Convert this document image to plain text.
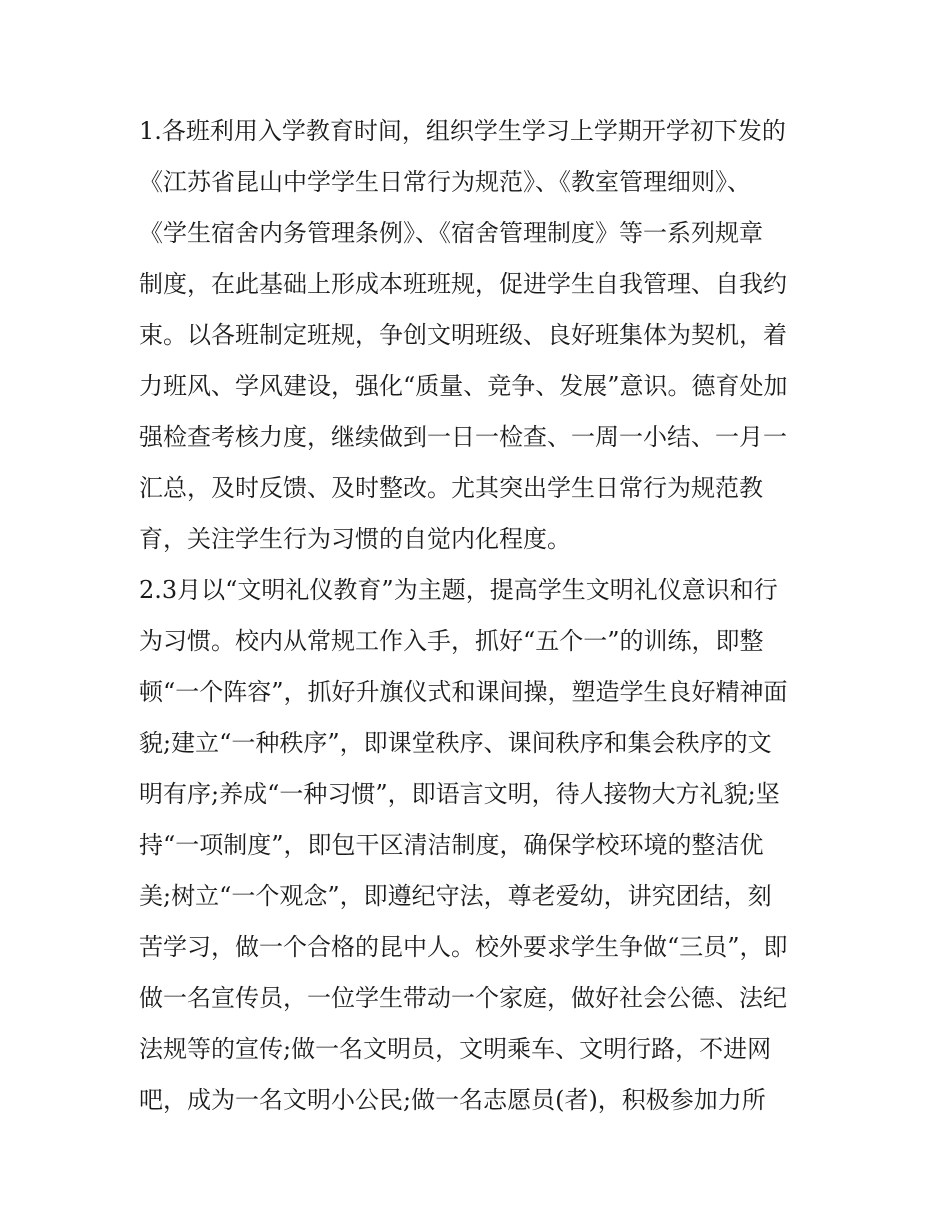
1.各班利用入学教育时间，组织学生学习上学期开学初下发的
《江苏省昆山中学学生日常行为规范》、《教室管理细则》、
《学生宿舍内务管理条例》、《宿舍管理制度》等一系列规章
制度，在此基础上形成本班班规，促进学生自我管理、自我约
束。以各班制定班规，争创文明班级、良好班集体为契机，着
力班风、学风建设，强化“质量、竞争、发展”意识。德育处加
强检查考核力度，继续做到一日一检查、一周一小结、一月一
汇总，及时反馈、及时整改。尤其突出学生日常行为规范教
育，关注学生行为习惯的自觉内化程度。
2.3月以“文明礼仪教育”为主题，提高学生文明礼仪意识和行
为习惯。校内从常规工作入手，抓好“五个一”的训练，即整
顿“一个阵容”，抓好升旗仪式和课间操，塑造学生良好精神面
貌;建立“一种秩序”，即课堂秩序、课间秩序和集会秩序的文
明有序;养成“一种习惯”，即语言文明，待人接物大方礼貌;坚
持“一项制度”，即包干区清洁制度，确保学校环境的整洁优
美;树立“一个观念”，即遵纪守法，尊老爱幼，讲究团结，刻
苦学习，做一个合格的昆中人。校外要求学生争做“三员”，即
做一名宣传员，一位学生带动一个家庭，做好社会公德、法纪
法规等的宣传;做一名文明员，文明乘车、文明行路，不进网
吧，成为一名文明小公民;做一名志愿员(者)，积极参加力所
